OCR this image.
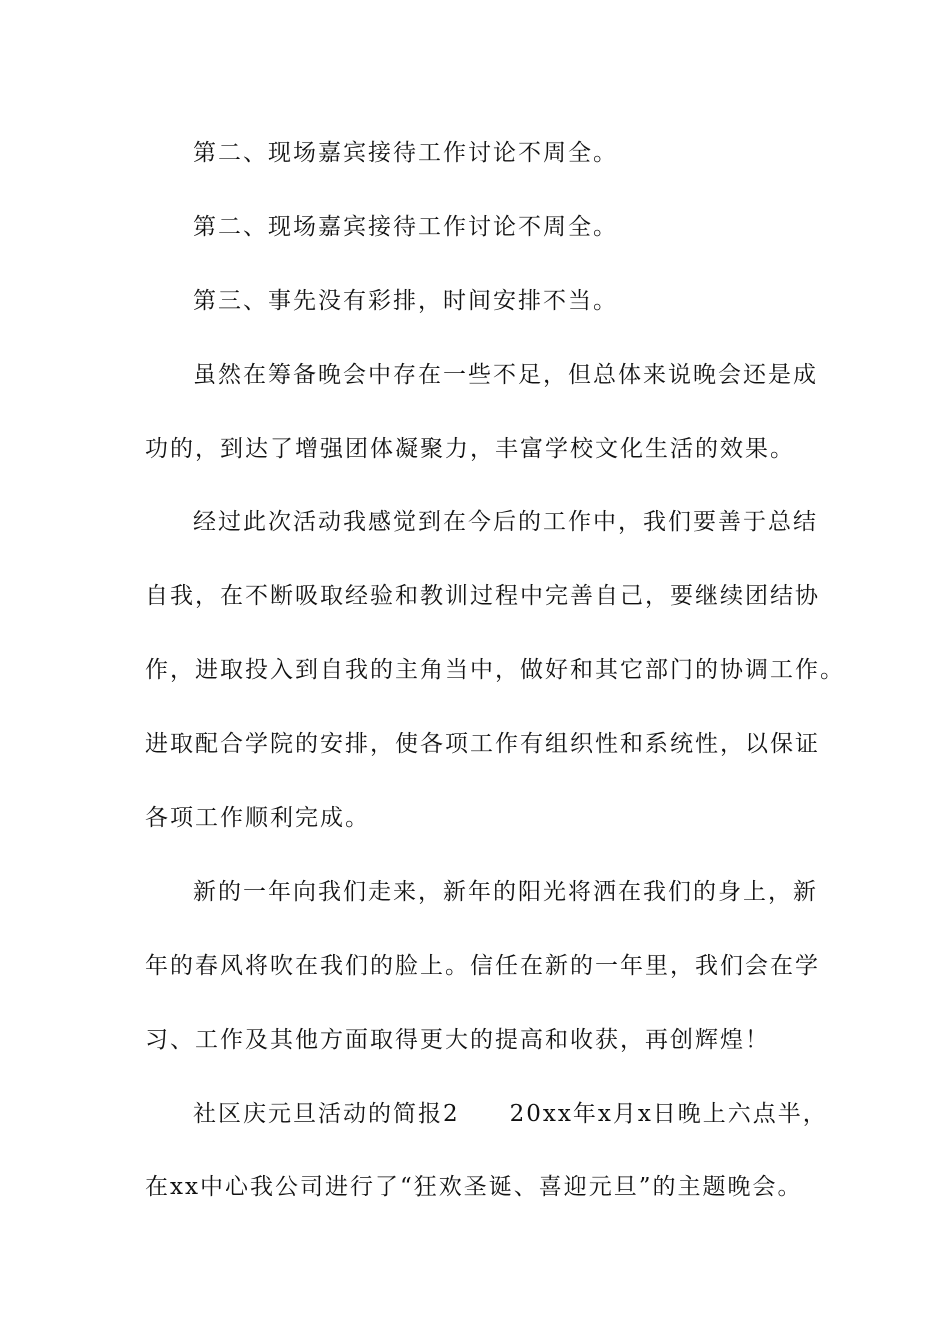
第二、现场嘉宾接待工作讨论不周全。
第二、现场嘉宾接待工作讨论不周全。
第三、事先没有彩排，时间安排不当。
虽然在筹备晚会中存在一些不足，但总体来说晚会还是成
功的，到达了增强团体凝聚力，丰富学校文化生活的效果。
经过此次活动我感觉到在今后的工作中，我们要善于总结
自我，在不断吸取经验和教训过程中完善自己，要继续团结协
作，进取投入到自我的主角当中，做好和其它部门的协调工作。
进取配合学院的安排，使各项工作有组织性和系统性，以保证
各项工作顺利完成。
新的一年向我们走来，新年的阳光将洒在我们的身上，新
年的春风将吹在我们的脸上。信任在新的一年里，我们会在学
习、工作及其他方面取得更大的提高和收获，再创辉煌！
社区庆元旦活动的简报2　　20xx年x月x日晚上六点半，
在xx中心我公司进行了“狂欢圣诞、喜迎元旦”的主题晚会。
